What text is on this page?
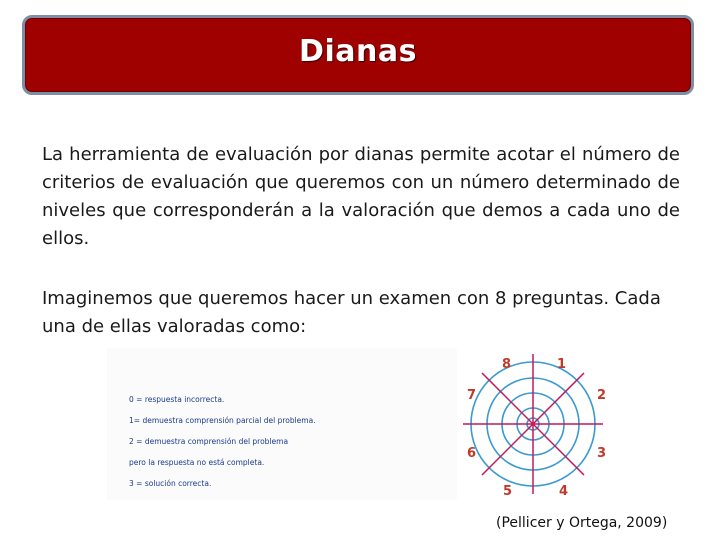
Dianas

La herramienta de evaluación por dianas permite acotar el número de criterios de evaluación que queremos con un número determinado de niveles que corresponderán a la valoración que demos a cada uno de ellos.

Imaginemos que queremos hacer un examen con 8 preguntas. Cada una de ellas valoradas como:

0 = respuesta incorrecta.
1= demuestra comprensión parcial del problema.
2 = demuestra comprensión del problema
pero la respuesta no está completa.
3 = solución correcta.
8	1
7	2
6	3
5	4
(Pellicer y Ortega, 2009)
